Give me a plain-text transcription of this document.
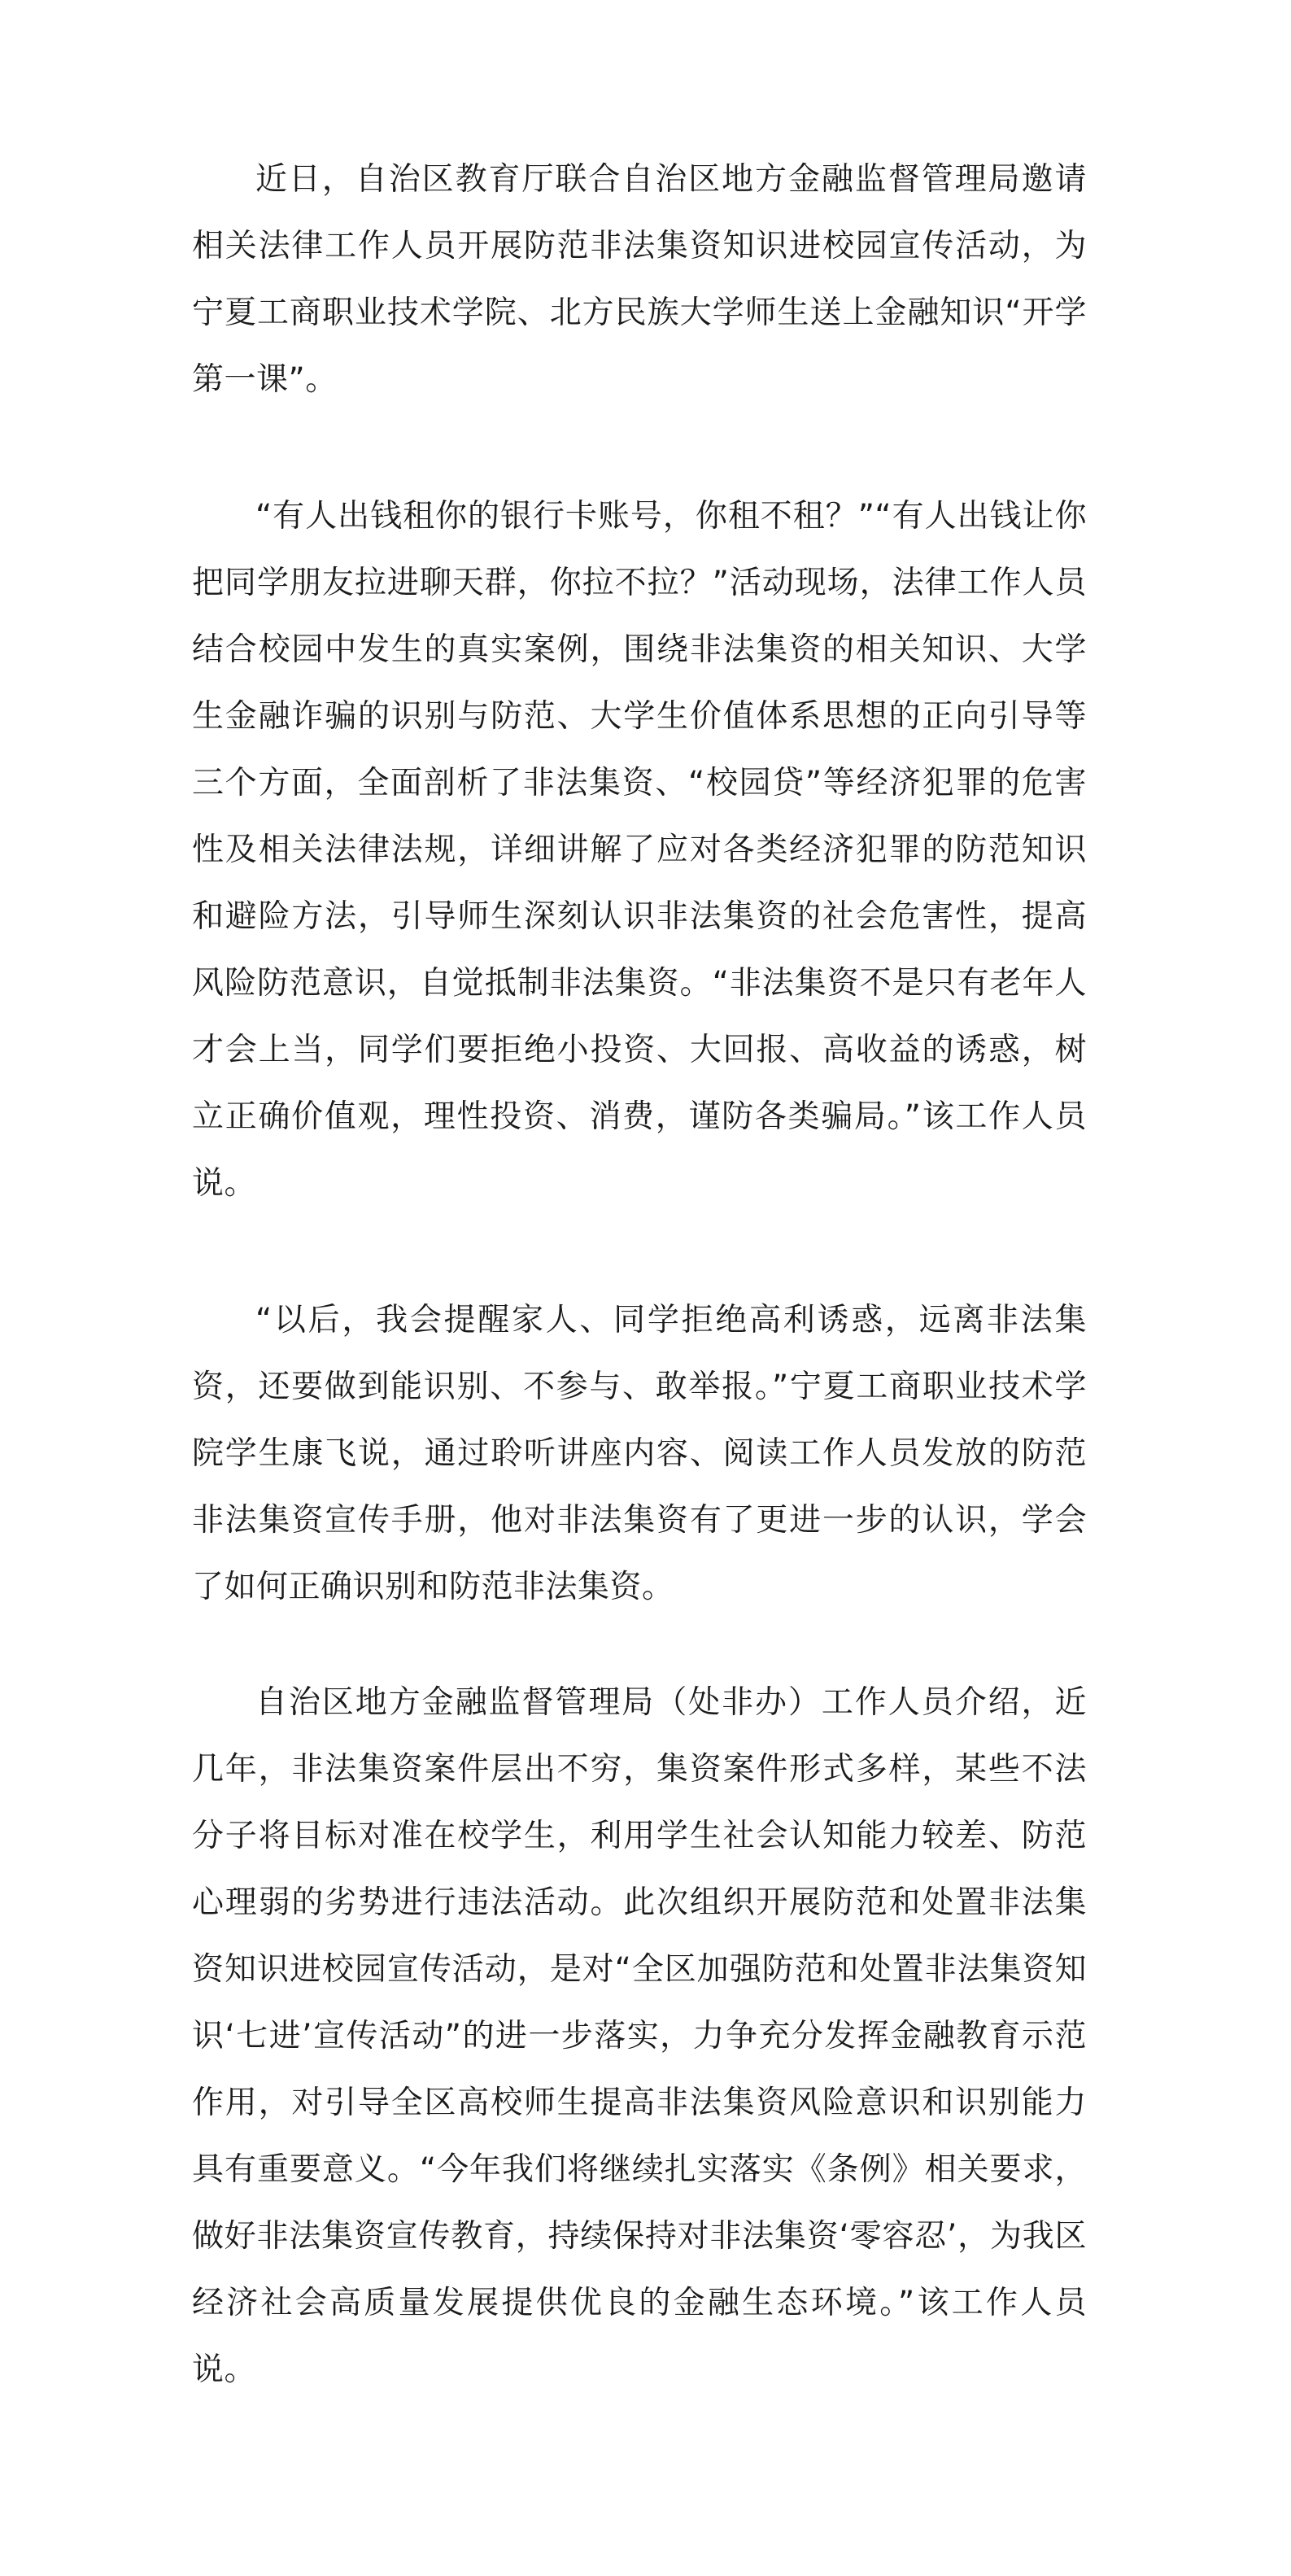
近日，自治区教育厅联合自治区地方金融监督管理局邀请相关法律工作人员开展防范非法集资知识进校园宣传活动，为宁夏工商职业技术学院、北方民族大学师生送上金融知识“开学第一课”。

“有人出钱租你的银行卡账号，你租不租？”“有人出钱让你把同学朋友拉进聊天群，你拉不拉？”活动现场，法律工作人员结合校园中发生的真实案例，围绕非法集资的相关知识、大学生金融诈骗的识别与防范、大学生价值体系思想的正向引导等三个方面，全面剖析了非法集资、“校园贷”等经济犯罪的危害性及相关法律法规，详细讲解了应对各类经济犯罪的防范知识和避险方法，引导师生深刻认识非法集资的社会危害性，提高风险防范意识，自觉抵制非法集资。“非法集资不是只有老年人才会上当，同学们要拒绝小投资、大回报、高收益的诱惑，树立正确价值观，理性投资、消费，谨防各类骗局。”该工作人员说。

“以后，我会提醒家人、同学拒绝高利诱惑，远离非法集资，还要做到能识别、不参与、敢举报。”宁夏工商职业技术学院学生康飞说，通过聆听讲座内容、阅读工作人员发放的防范非法集资宣传手册，他对非法集资有了更进一步的认识，学会了如何正确识别和防范非法集资。

自治区地方金融监督管理局（处非办）工作人员介绍，近几年，非法集资案件层出不穷，集资案件形式多样，某些不法分子将目标对准在校学生，利用学生社会认知能力较差、防范心理弱的劣势进行违法活动。此次组织开展防范和处置非法集资知识进校园宣传活动，是对“全区加强防范和处置非法集资知识‘七进’宣传活动”的进一步落实，力争充分发挥金融教育示范作用，对引导全区高校师生提高非法集资风险意识和识别能力具有重要意义。“今年我们将继续扎实落实《条例》相关要求，做好非法集资宣传教育，持续保持对非法集资‘零容忍’，为我区经济社会高质量发展提供优良的金融生态环境。”该工作人员说。
